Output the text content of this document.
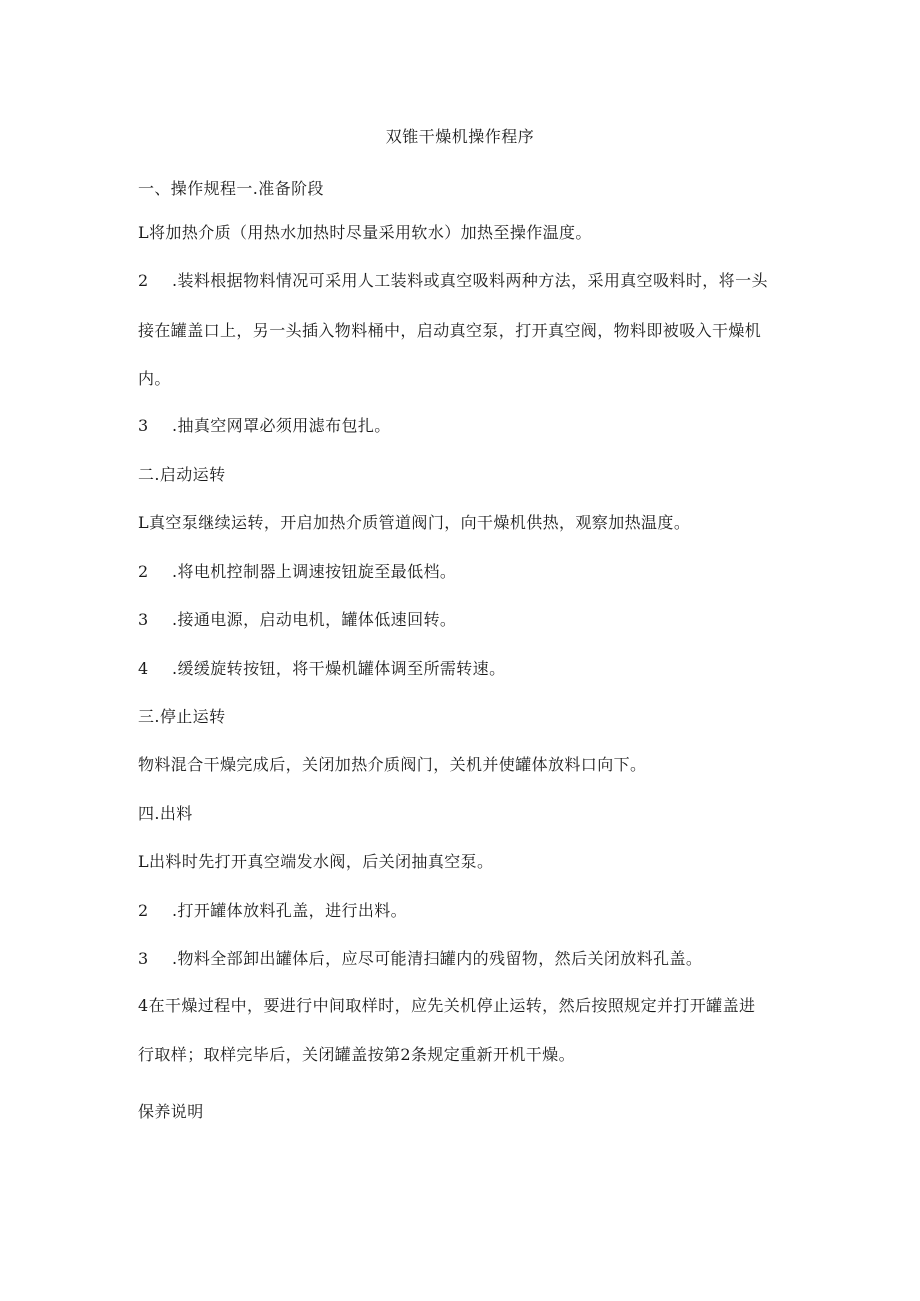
双锥干燥机操作程序
一、操作规程一.准备阶段
L将加热介质（用热水加热时尽量采用软水）加热至操作温度。
2 .装料根据物料情况可采用人工装料或真空吸料两种方法，采用真空吸料时，将一头
接在罐盖口上，另一头插入物料桶中，启动真空泵，打开真空阀，物料即被吸入干燥机
内。
3 .抽真空网罩必须用滤布包扎。
二.启动运转
L真空泵继续运转，开启加热介质管道阀门，向干燥机供热，观察加热温度。
2 .将电机控制器上调速按钮旋至最低档。
3 .接通电源，启动电机，罐体低速回转。
4 .缓缓旋转按钮，将干燥机罐体调至所需转速。
三.停止运转
物料混合干燥完成后，关闭加热介质阀门，关机并使罐体放料口向下。
四.出料
L出料时先打开真空端发水阀，后关闭抽真空泵。
2 .打开罐体放料孔盖，进行出料。
3 .物料全部卸出罐体后，应尽可能清扫罐内的残留物，然后关闭放料孔盖。
4在干燥过程中，要进行中间取样时，应先关机停止运转，然后按照规定并打开罐盖进
行取样；取样完毕后，关闭罐盖按第2条规定重新开机干燥。
保养说明
